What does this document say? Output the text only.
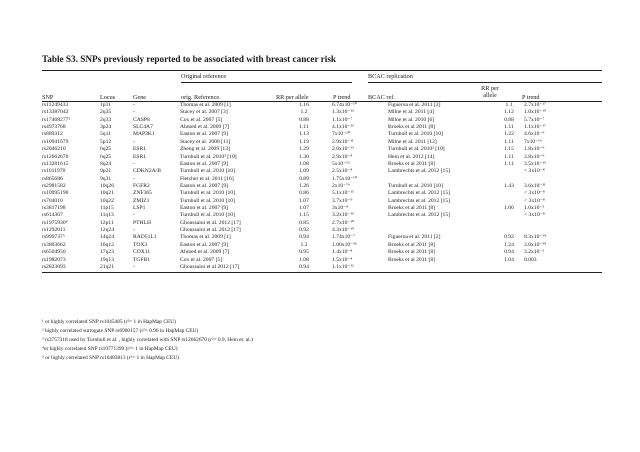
Table S3. SNPs previously reported to be associated with breast cancer risk
Original reference	BCAC replication
SNP	Locus	Gene	orig. Reference.	RR per allele	P trend	BCAC ref.
RR per allele	P trend
rs11249433	1p11	-	Thomas et al. 2009 [1]	1.16	6.74x10⁻¹⁰	Figueroa et al. 2011 [2]	1.1	2.7x10⁻¹⁷
rs13387042	2q35	-	Stacey et al. 2007 [3]	1.2	1.3x10⁻¹³	Milne et al. 2011 [4]	1.12	1.0x10⁻¹⁹
rs17468277¹	2q33	CASP8	Cox et al. 2007 [5]	0.88	1.1x10⁻⁷	Milne et al. 2010 [6]	0.88	5.7x10⁻⁷
rs4973768	3p24	SLC4A7	Ahmed et al. 2009 [7]	1.11	4.1x10⁻²³	Broeks et al 2011 [8]	1.11	1.1x10⁻¹⁷
rs889312	5q11	MAP3K1	Easton et al. 2007 [9]	1.13	7x10⁻²⁰	Turnbull et al. 2010 [10]	1.22	4.6x10⁻⁹
rs10941679	5p12	-	Stacey et al. 2008 [11]	1.19	2.9x10⁻¹¹	Milne et al. 2011 [12]	1.11	7x10⁻¹⁶
rs2046210	6q25	ESR1	Zheng et al. 2009 [13]	1.29	2.0x10⁻¹⁵	Turnbull et al. 2010² [10]	1.15	1.8x10⁻⁹
rs12662670	6q25	ESR1	Turnbull et al. 2010³ [10]	1.30	2.9x10⁻⁸	Hein et al. 2012 [14]	1.11	3.8x10⁻⁹
rs13281615	8q24	-	Easton et al. 2007 [9]	1.08	5x10⁻¹²	Broeks et al 2011 [8]	1.11	3.5x10⁻¹⁵
rs1011970	9p21	CDKN2A/B	Turnbull et al. 2010 [10]	1.09	2.5x10⁻⁸	Lambrechts et al. 2012 [15]		< 3x10⁻⁸
rs865686	9q31	-	Fletcher et al. 2011 [16]	0.89	1.75x10⁻¹⁰			
rs2981582	10q26	FGFR2	Easton et al. 2007 [9]	1.26	2x10⁻⁷⁶	Turnbull et al. 2010 [10]	1.43	3.6x10⁻³¹
rs10995190	10q21	ZNF365	Turnbull et al. 2010 [10]	0.86	5.1x10⁻¹⁵	Lambrechts et al. 2012 [15]		< 3x10⁻⁸
rs704010	10q22	ZMIZ1	Turnbull et al. 2010 [10]	1.07	3.7x10⁻⁹	Lambrechts et al. 2012 [15]		< 3x10⁻⁸
rs3817198	11p15	LSP1	Easton et al. 2007 [9]	1.07	3x10⁻⁹	Broeks et al 2011 [8]	1.06	1.0x10⁻⁵
rs614367	11q13	-	Turnbull et al. 2010 [10]	1.15	3.2x10⁻¹⁵	Lambrechts et al. 2012 [15]		< 3x10⁻⁸
rs1975930⁴	12p11	PTHLH	Ghoussaini et al. 2012 [17]	0.85	2.7x10⁻¹⁰			
rs1292011	12q24	-	Ghoussaini et al. 2012 [17]	0.92	4.3x10⁻¹⁹			
rs999737⁵	14q24	RAD51L1	Thomas et al. 2009 [1]	0.94	1.74x10⁻⁷	Figueroa et al. 2011 [2]	0.92	8.3x10⁻¹⁴
rs3803662	16q12	TOX3	Easton et al. 2007 [9]	1.2	1.00x10⁻³⁶	Broeks et al 2011 [8]	1.24	3.0x10⁻⁵⁹
rs6504950	17q23	COX11	Ahmed et al. 2009 [7]	0.95	1.4x10⁻⁸	Broeks et al 2011 [8]	0.94	3.2x10⁻⁵
rs1982073	19q13	TGFB1	Cox et al. 2007 [5]	1.08	1.5x10⁻⁴	Broeks et al 2011 [8]	1.04	0.003
rs2823093	21q21	-	Ghoussaini et al 2012 [17]	0.94	1.1x10⁻¹²			
¹ or highly correlated SNP rs1045485 (r²= 1 in HapMap CEU)
² highly correlated surrogate SNP rs6900157 (r²= 0.96 in HapMap CEU)
³ rs3757318 used by Turnbull et al. , highly correlated with SNP rs12662670 (r²= 0.9, Hein et. al.)
⁴or highly correlated SNP rs10771399 (r²= 1 in HapMap CEU)
⁵ or highly correlated SNP rs10483813 (r²= 1 in HapMap CEU)
